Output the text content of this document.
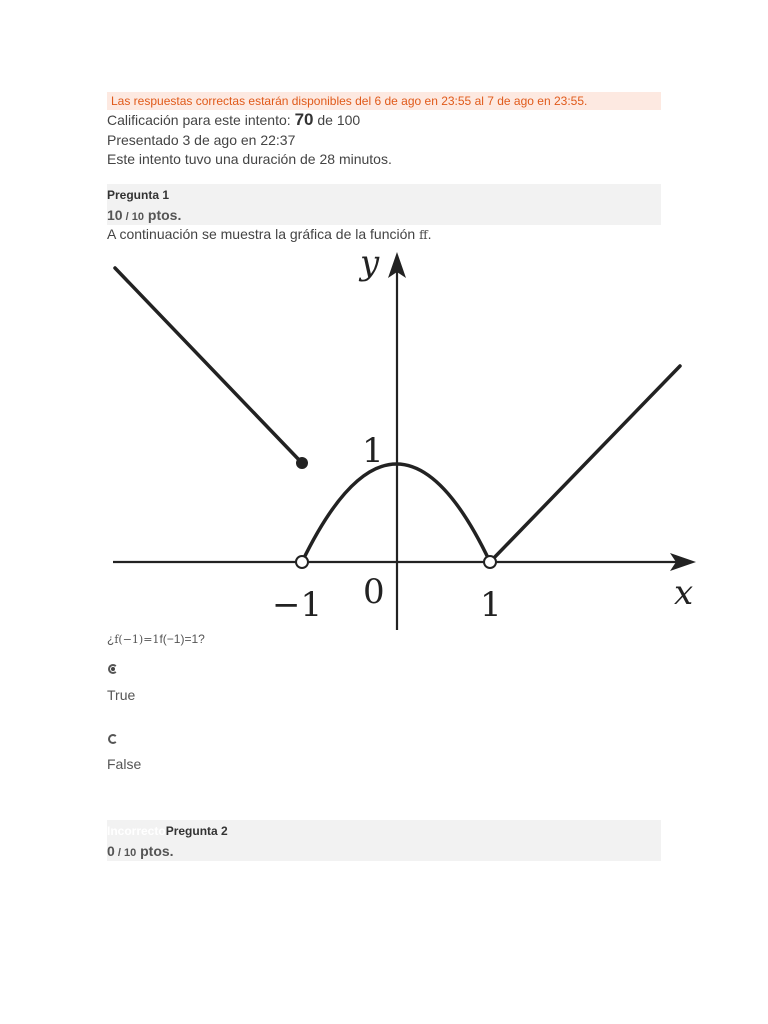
Las respuestas correctas estarán disponibles del 6 de ago en 23:55 al 7 de ago en 23:55.
Calificación para este intento: 70 de 100
Presentado 3 de ago en 22:37
Este intento tuvo una duración de 28 minutos.
Pregunta 1
10 / 10 ptos.
A continuación se muestra la gráfica de la función ff.
y
x
1
−1 0	1
¿f(−1)=1f(−1)=1?
True
False
IncorrectoPregunta 2
0 / 10 ptos.
